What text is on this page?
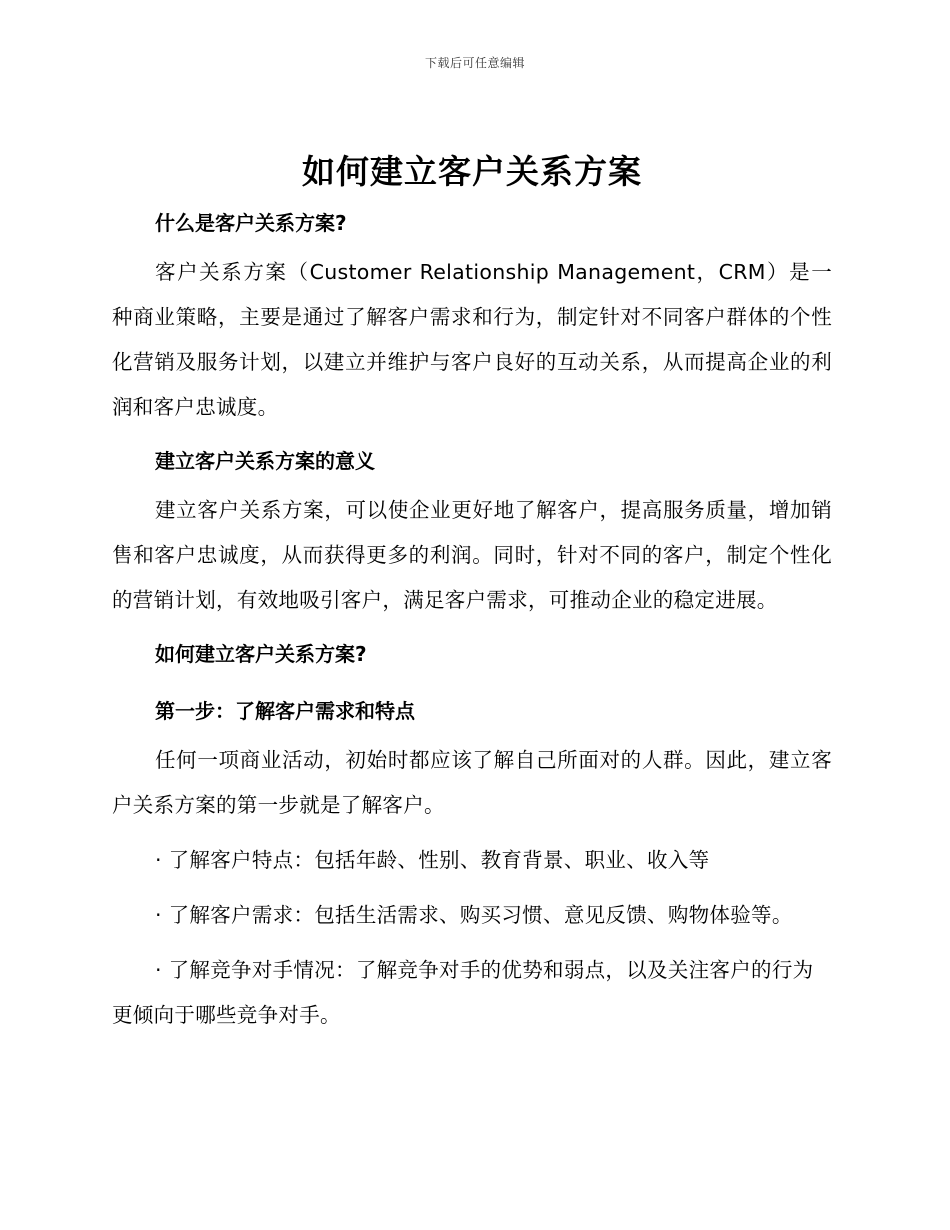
下载后可任意编辑
如何建立客户关系方案
什么是客户关系方案?

客户关系方案（Customer Relationship Management，CRM）是一种商业策略，主要是通过了解客户需求和行为，制定针对不同客户群体的个性化营销及服务计划，以建立并维护与客户良好的互动关系，从而提高企业的利润和客户忠诚度。

建立客户关系方案的意义

建立客户关系方案，可以使企业更好地了解客户，提高服务质量，增加销售和客户忠诚度，从而获得更多的利润。同时，针对不同的客户，制定个性化的营销计划，有效地吸引客户，满足客户需求，可推动企业的稳定进展。

如何建立客户关系方案?
第一步：了解客户需求和特点

任何一项商业活动，初始时都应该了解自己所面对的人群。因此，建立客户关系方案的第一步就是了解客户。

· 了解客户特点：包括年龄、性别、教育背景、职业、收入等

· 了解客户需求：包括生活需求、购买习惯、意见反馈、购物体验等。

· 了解竞争对手情况：了解竞争对手的优势和弱点，以及关注客户的行为更倾向于哪些竞争对手。
